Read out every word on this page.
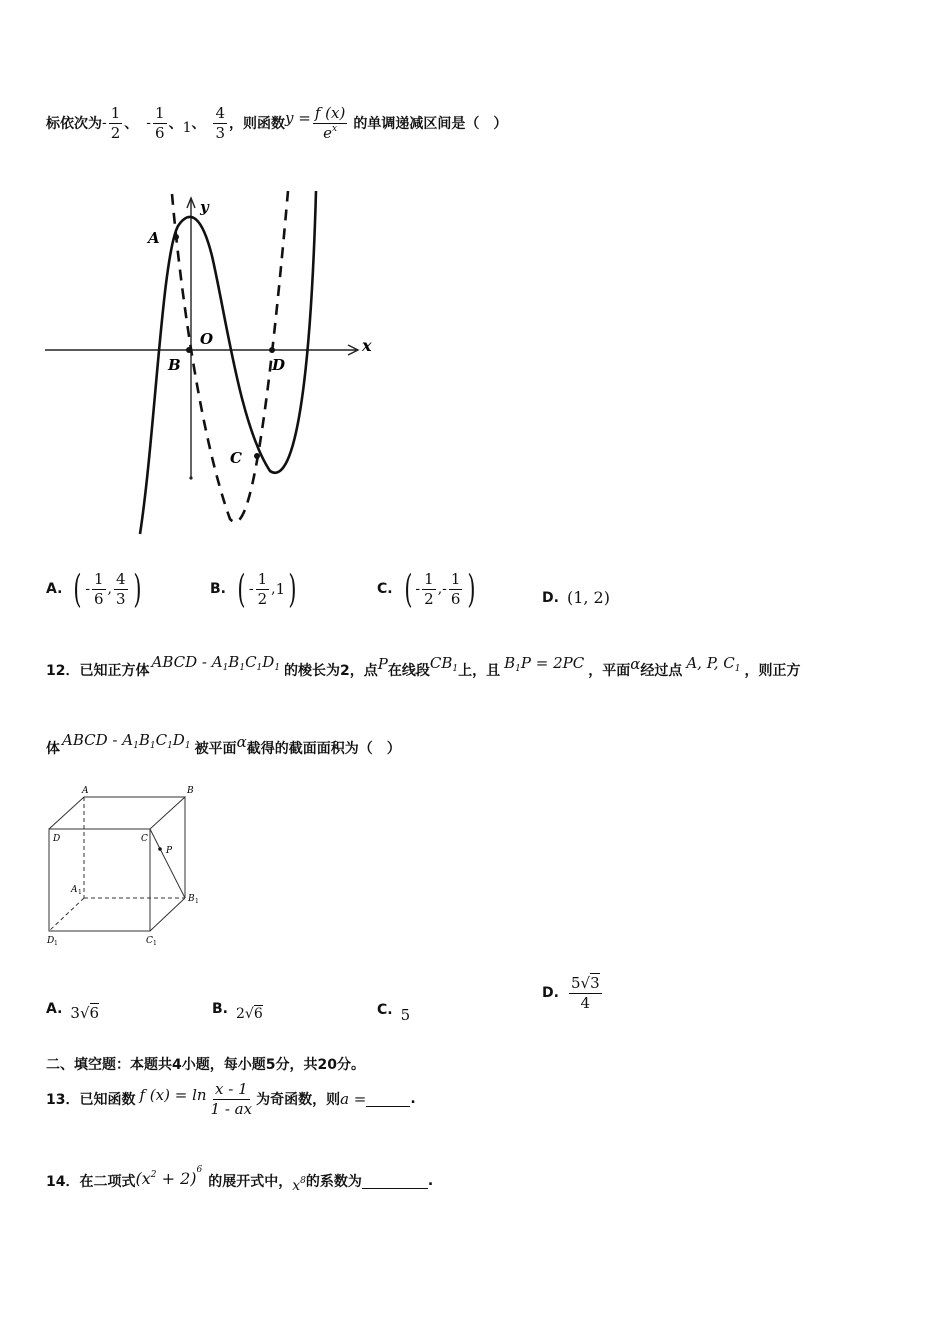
标依次为 - $\frac{1}{2}$ 、 - $\frac{1}{6}$ 、 1 、 $\frac{4}{3}$ ，则函数 $y = \frac{f (x)}{e^x}$ 的单调递减区间是（　）
A
B
C
D
O	x
y
A. ( - $\frac{1}{6}$ , $\frac{4}{3}$ )	B. ( - $\frac{1}{2}$ , 1 )	C. ( - $\frac{1}{2}$ , - $\frac{1}{6}$ )	D. (1, 2)
12．已知正方体 ABCD - $A_1B_1C_1D_1$ 的棱长为2，点 P 在线段 $CB_1$ 上，且 $B_1P = 2PC$ ，平面 α 经过点 A, P, $C_1$ ，则正方
体 ABCD - $A_1B_1C_1D_1$ 被平面 α 截得的截面面积为（　）
A	B
C
D
P
A 1
B 1
C 1
D 1
A. 3√6	B. 2√6	C. 5
D. $\frac{5√3}{4}$
二、填空题：本题共4小题，每小题5分，共20分。
13．已知函数 f $(x) = \ln \frac{x - 1}{1 - ax}$ 为奇函数，则 a =	.
14．在二项式 $(x^2 + 2)^6$
的展开式中， $x^8$ 的系数为	.
